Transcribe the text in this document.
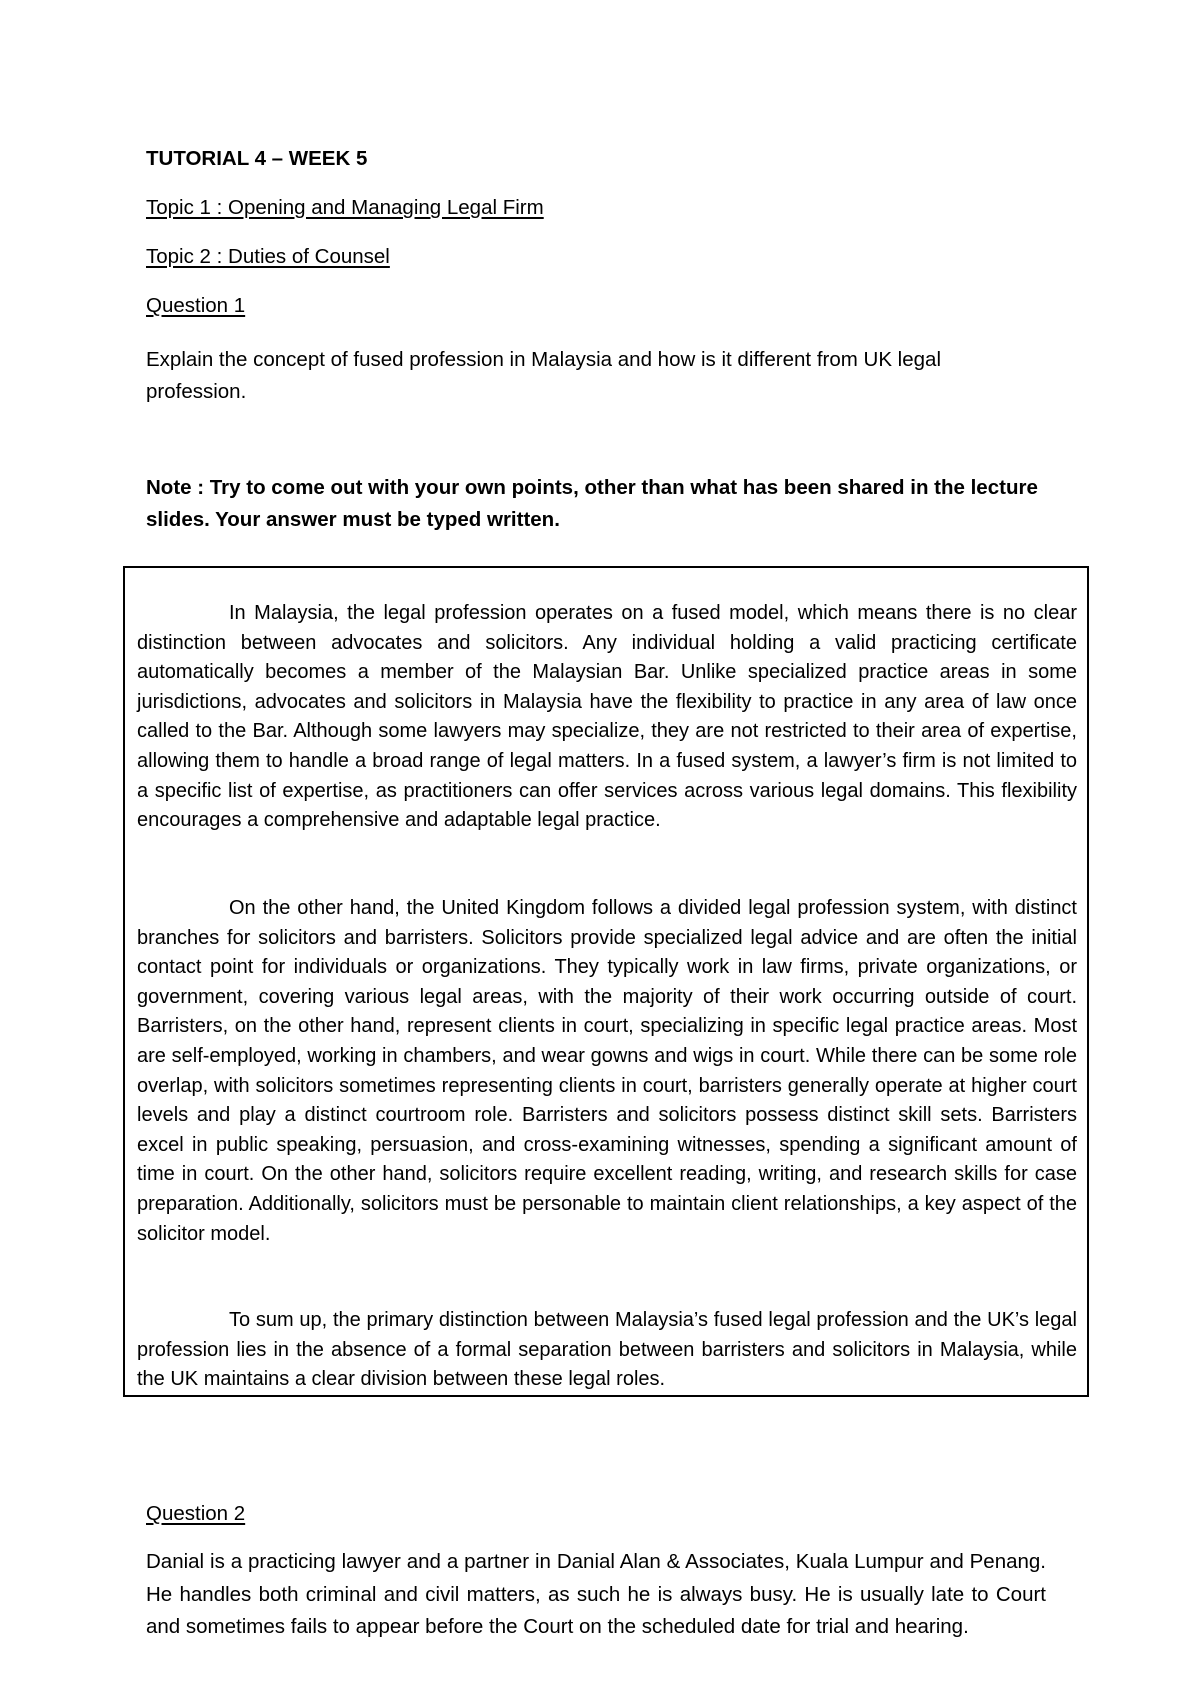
TUTORIAL 4 – WEEK 5
Topic 1 : Opening and Managing Legal Firm
Topic 2 : Duties of Counsel
Question 1
Explain the concept of fused profession in Malaysia and how is it different from UK legal profession.
Note : Try to come out with your own points, other than what has been shared in the lecture slides. Your answer must be typed written.

In Malaysia, the legal profession operates on a fused model, which means there is no clear distinction between advocates and solicitors. Any individual holding a valid practicing certificate automatically becomes a member of the Malaysian Bar. Unlike specialized practice areas in some jurisdictions, advocates and solicitors in Malaysia have the flexibility to practice in any area of law once called to the Bar. Although some lawyers may specialize, they are not restricted to their area of expertise, allowing them to handle a broad range of legal matters. In a fused system, a lawyer’s firm is not limited to a specific list of expertise, as practitioners can offer services across various legal domains. This flexibility encourages a comprehensive and adaptable legal practice.

On the other hand, the United Kingdom follows a divided legal profession system, with distinct branches for solicitors and barristers. Solicitors provide specialized legal advice and are often the initial contact point for individuals or organizations. They typically work in law firms, private organizations, or government, covering various legal areas, with the majority of their work occurring outside of court. Barristers, on the other hand, represent clients in court, specializing in specific legal practice areas. Most are self-employed, working in chambers, and wear gowns and wigs in court. While there can be some role overlap, with solicitors sometimes representing clients in court, barristers generally operate at higher court levels and play a distinct courtroom role. Barristers and solicitors possess distinct skill sets. Barristers excel in public speaking, persuasion, and cross-examining witnesses, spending a significant amount of time in court. On the other hand, solicitors require excellent reading, writing, and research skills for case preparation. Additionally, solicitors must be personable to maintain client relationships, a key aspect of the solicitor model.

To sum up, the primary distinction between Malaysia’s fused legal profession and the UK’s legal profession lies in the absence of a formal separation between barristers and solicitors in Malaysia, while the UK maintains a clear division between these legal roles.

Question 2
Danial is a practicing lawyer and a partner in Danial Alan & Associates, Kuala Lumpur and Penang. He handles both criminal and civil matters, as such he is always busy. He is usually late to Court and sometimes fails to appear before the Court on the scheduled date for trial and hearing.
